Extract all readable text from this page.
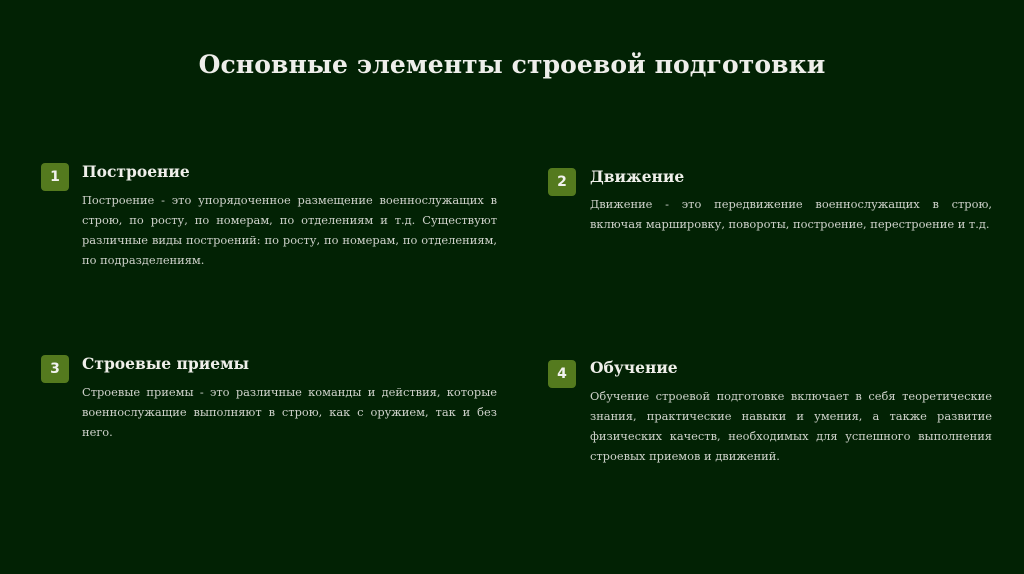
Основные элементы строевой подготовки
1	Построение
Построение - это упорядоченное размещение военнослужащих в строю, по росту, по номерам, по отделениям и т.д. Существуют различные виды построений: по росту, по номерам, по отделениям, по подразделениям.
2	Движение
Движение - это передвижение военнослужащих в строю, включая маршировку, повороты, построение, перестроение и т.д.
3	Строевые приемы
Строевые приемы - это различные команды и действия, которые военнослужащие выполняют в строю, как с оружием, так и без него.
4	Обучение
Обучение строевой подготовке включает в себя теоретические знания, практические навыки и умения, а также развитие физических качеств, необходимых для успешного выполнения строевых приемов и движений.
